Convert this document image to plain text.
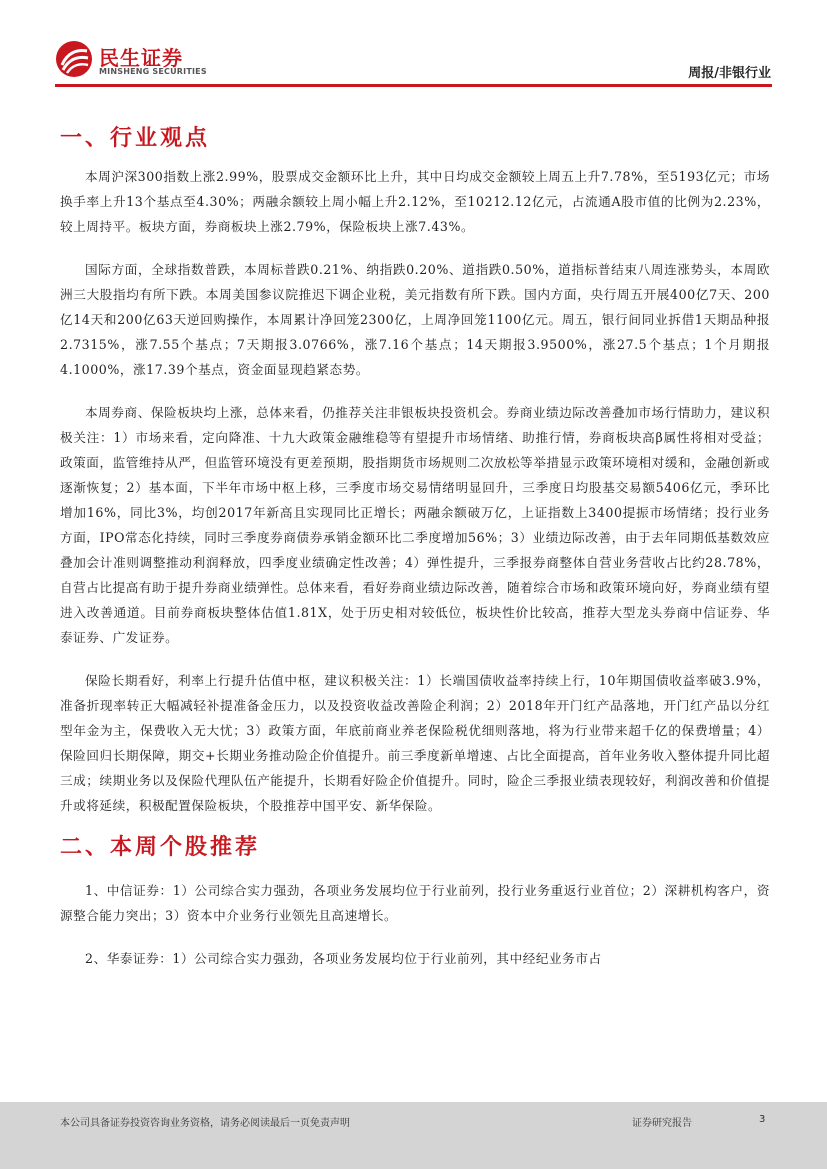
民生证券
MINSHENG SECURITIES	周报/非银行业
一、行业观点

本周沪深300指数上涨2.99%，股票成交金额环比上升，其中日均成交金额较上周五上升7.78%，至5193亿元；市场换手率上升13个基点至4.30%；两融余额较上周小幅上升2.12%，至10212.12亿元，占流通A股市值的比例为2.23%，较上周持平。板块方面，券商板块上涨2.79%，保险板块上涨7.43%。

国际方面，全球指数普跌，本周标普跌0.21%、纳指跌0.20%、道指跌0.50%，道指标普结束八周连涨势头，本周欧洲三大股指均有所下跌。本周美国参议院推迟下调企业税，美元指数有所下跌。国内方面，央行周五开展400亿7天、200亿14天和200亿63天逆回购操作，本周累计净回笼2300亿，上周净回笼1100亿元。周五，银行间同业拆借1天期品种报2.7315%，涨7.55个基点；7天期报3.0766%，涨7.16个基点；14天期报3.9500%，涨27.5个基点；1个月期报4.1000%，涨17.39个基点，资金面显现趋紧态势。

本周券商、保险板块均上涨，总体来看，仍推荐关注非银板块投资机会。券商业绩边际改善叠加市场行情助力，建议积极关注：1）市场来看，定向降准、十九大政策金融维稳等有望提升市场情绪、助推行情，券商板块高β属性将相对受益；政策面，监管维持从严，但监管环境没有更差预期，股指期货市场规则二次放松等举措显示政策环境相对缓和，金融创新或逐渐恢复；2）基本面，下半年市场中枢上移，三季度市场交易情绪明显回升，三季度日均股基交易额5406亿元，季环比增加16%，同比3%，均创2017年新高且实现同比正增长；两融余额破万亿，上证指数上3400提振市场情绪；投行业务方面，IPO常态化持续，同时三季度券商债券承销金额环比二季度增加56%；3）业绩边际改善，由于去年同期低基数效应叠加会计准则调整推动利润释放，四季度业绩确定性改善；4）弹性提升，三季报券商整体自营业务营收占比约28.78%，自营占比提高有助于提升券商业绩弹性。总体来看，看好券商业绩边际改善，随着综合市场和政策环境向好，券商业绩有望进入改善通道。目前券商板块整体估值1.81X，处于历史相对较低位，板块性价比较高，推荐大型龙头券商中信证券、华泰证券、广发证券。

保险长期看好，利率上行提升估值中枢，建议积极关注：1）长端国债收益率持续上行，10年期国债收益率破3.9%，准备折现率转正大幅减轻补提准备金压力，以及投资收益改善险企利润；2）2018年开门红产品落地，开门红产品以分红型年金为主，保费收入无大忧；3）政策方面，年底前商业养老保险税优细则落地，将为行业带来超千亿的保费增量；4）保险回归长期保障，期交+长期业务推动险企价值提升。前三季度新单增速、占比全面提高，首年业务收入整体提升同比超三成；续期业务以及保险代理队伍产能提升，长期看好险企价值提升。同时，险企三季报业绩表现较好，利润改善和价值提升或将延续，积极配置保险板块，个股推荐中国平安、新华保险。

二、本周个股推荐

1、中信证券：1）公司综合实力强劲，各项业务发展均位于行业前列，投行业务重返行业首位；2）深耕机构客户，资源整合能力突出；3）资本中介业务行业领先且高速增长。

2、华泰证券：1）公司综合实力强劲，各项业务发展均位于行业前列，其中经纪业务市占

本公司具备证券投资咨询业务资格，请务必阅读最后一页免责声明	证券研究报告	3
